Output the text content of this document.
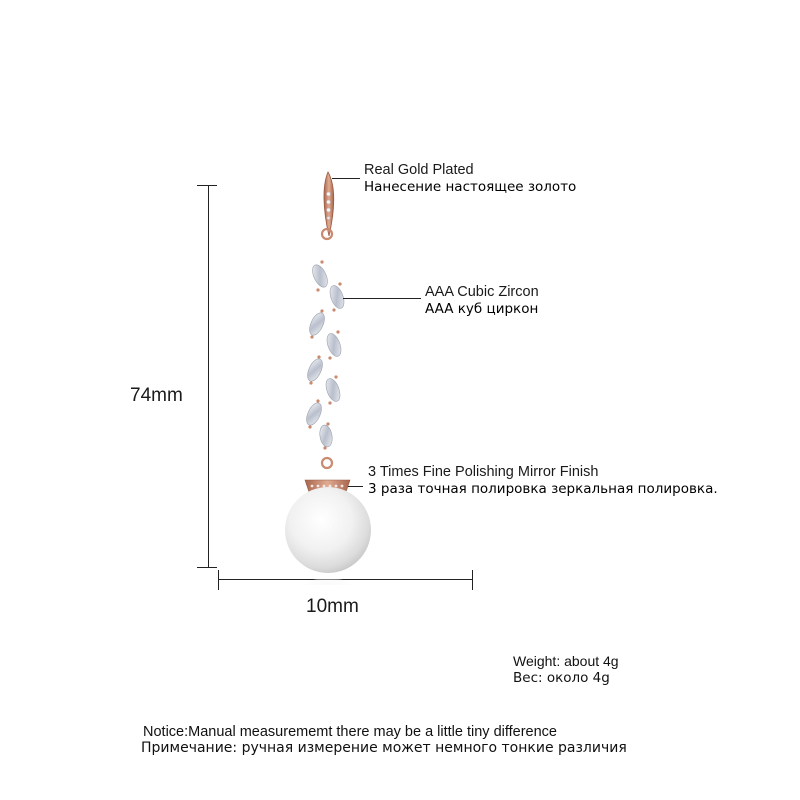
74mm
10mm
Real Gold Plated
Нанесение настоящее золото
AAA Cubic Zircon
AAA куб циркон
3 Times Fine Polishing Mirror Finish
3 раза точная полировка зеркальная полировка.
Weight: about 4g
Вес: около 4g
Notice:Manual measurememt there may be a little tiny difference
Примечание: ручная измерение может немного тонкие различия
